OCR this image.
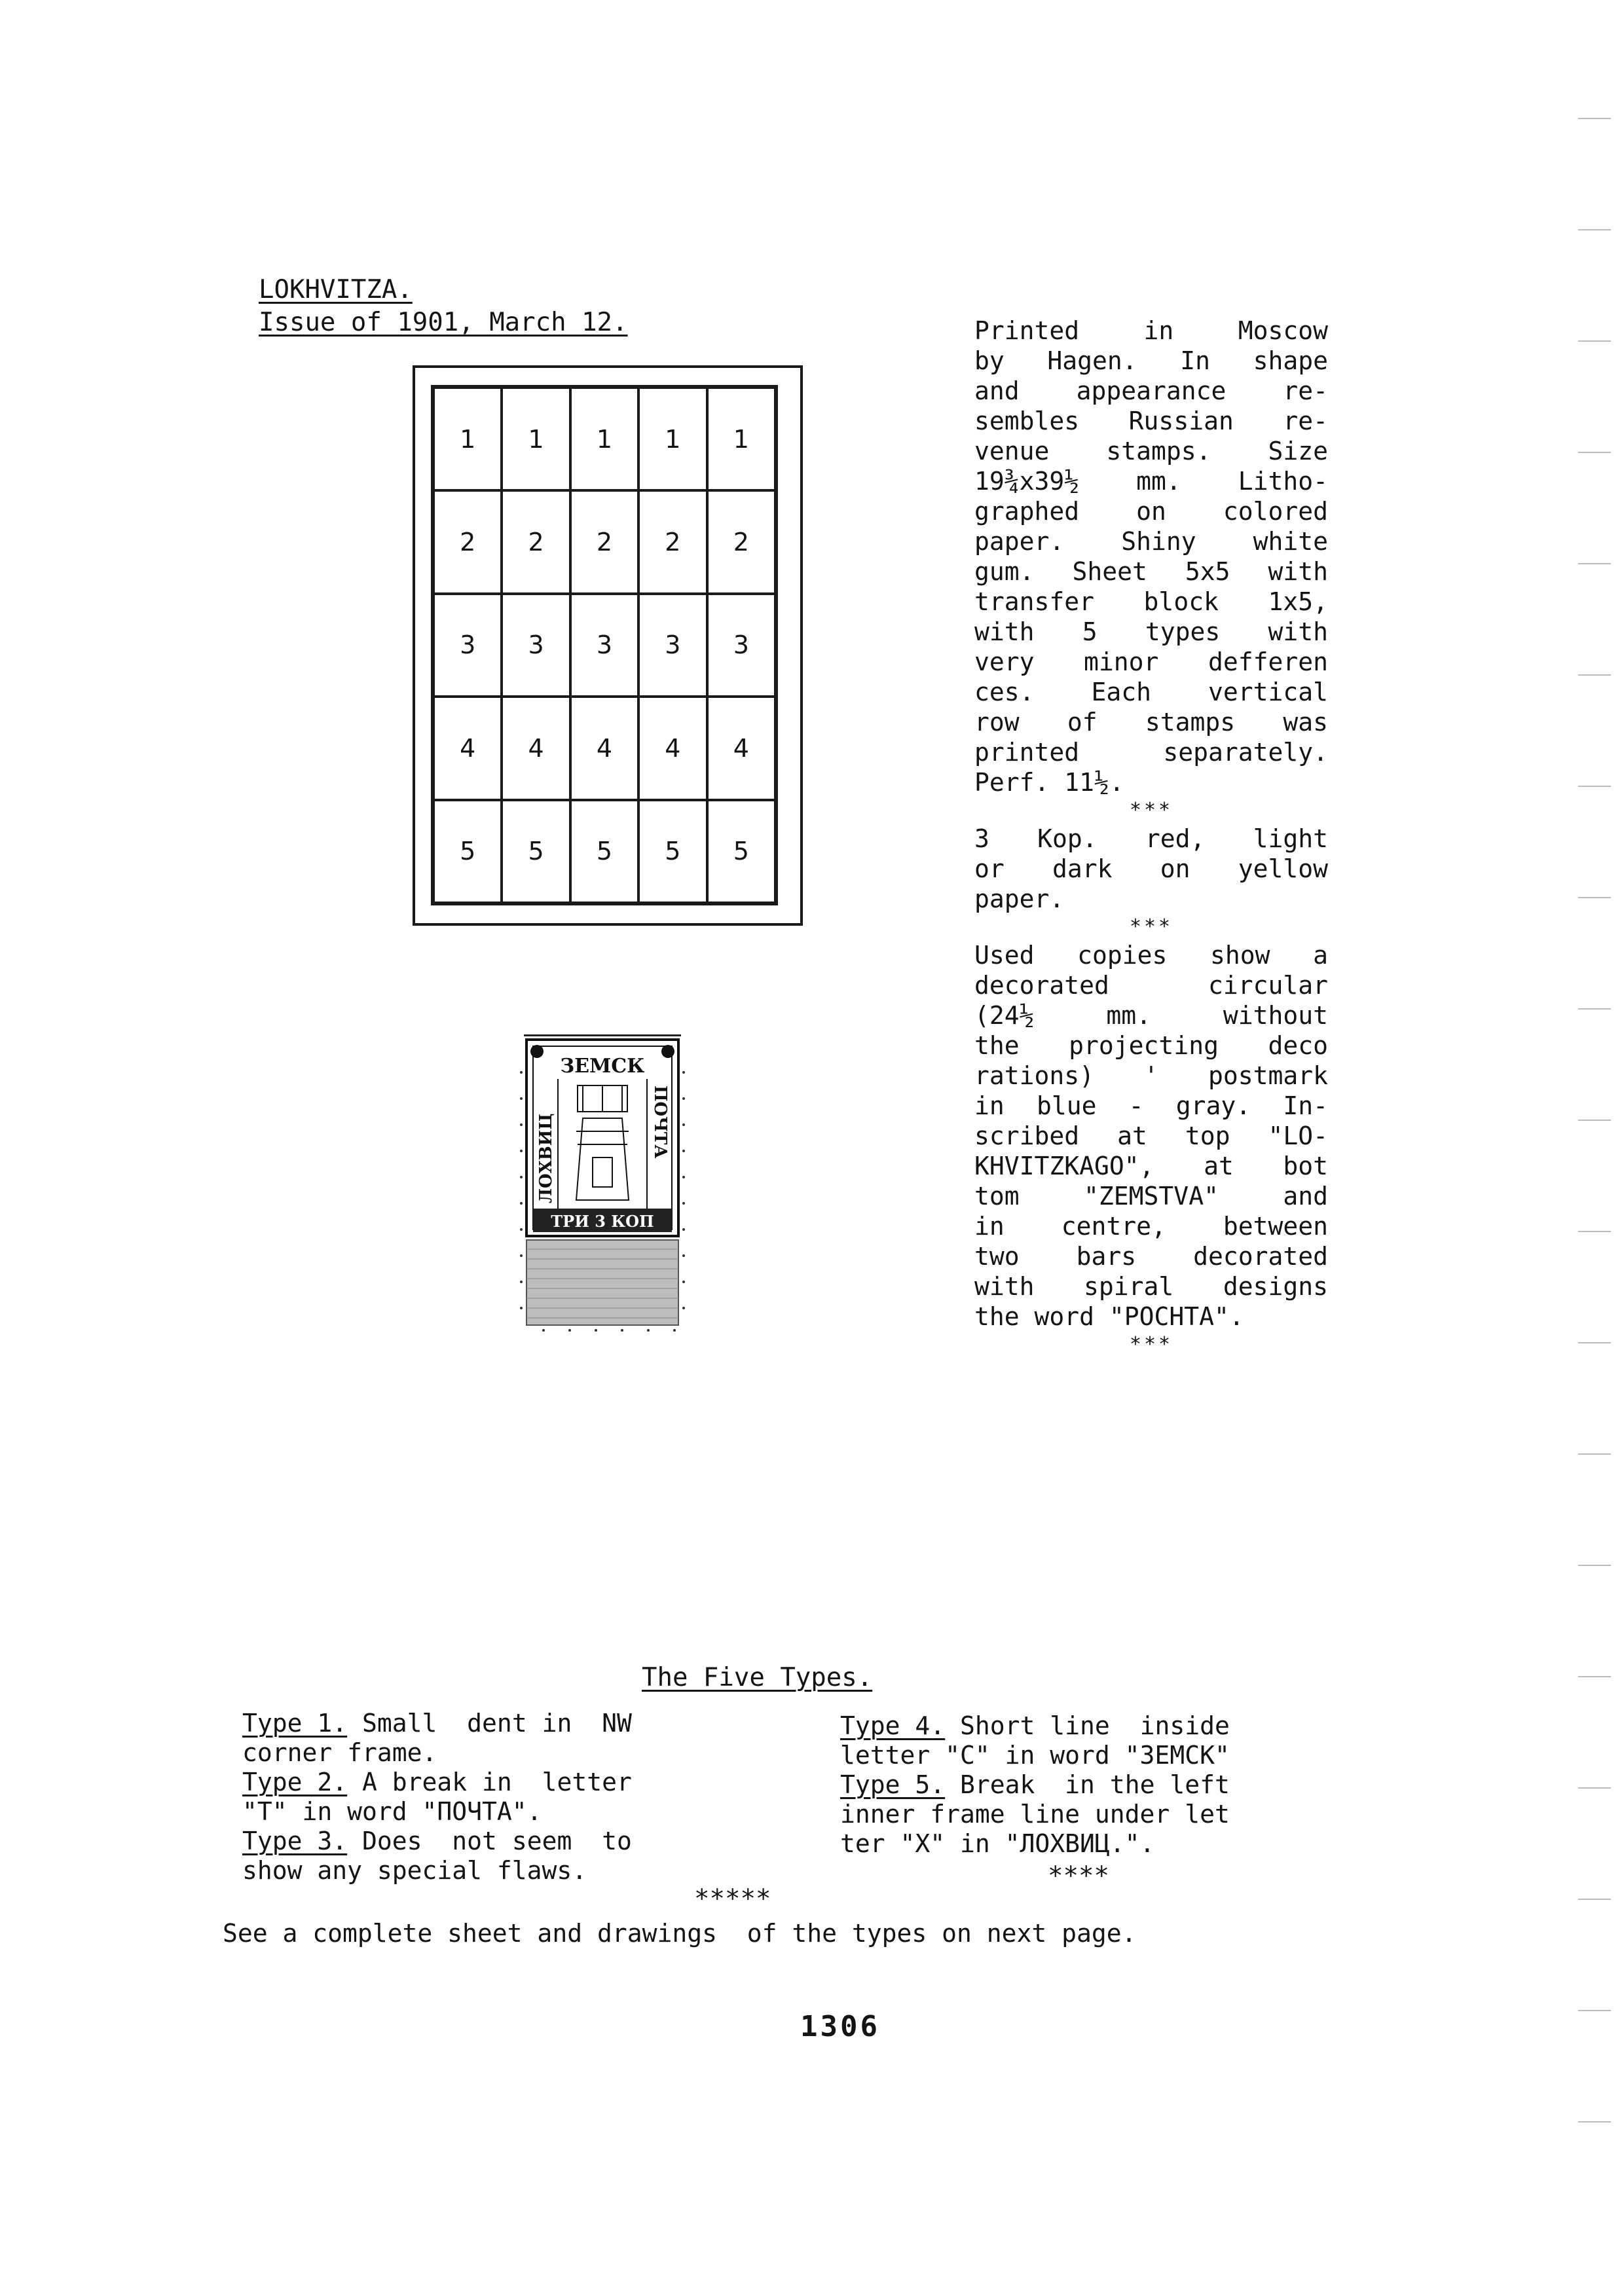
LOKHVITZA.
Issue of 1901, March 12.
1	1	1	1	1
2	2	2	2	2
3	3	3	3	3
4	4	4	4	4
5	5	5	5	5
Printed in Moscow
by Hagen. In shape
and appearance re-
sembles Russian re-
venue stamps. Size
19¾x39½ mm. Litho-
graphed on colored
paper. Shiny white
gum. Sheet 5x5 with
transfer block 1x5,
with 5 types with
very minor defferen
ces. Each vertical
row of stamps was
printed separately.
Perf. 11½.
***
3 Kop. red, light
or dark on yellow
paper.
***
Used copies show a
decorated circular
(24½ mm. without
the projecting deco
rations) ' postmark
in blue - gray. In-
scribed at top "LO-
KHVITZKAGO", at bot
tom "ZEMSTVA" and
in centre, between
two bars decorated
with spiral designs
the word "POCHTA".
***
ЗЕМСК
ЛОХВИЦ	ПОЧТА
ТРИ 3 КОП
The Five Types.
Type 1. Small  dent in  NW
corner frame.
Type 2. A break in  letter
"T" in word "ПОЧТА".
Type 3. Does  not seem  to
show any special flaws.
Type 4. Short line  inside
letter "C" in word "ЗЕМСК"
Type 5. Break  in the left
inner frame line under let
ter "X" in "ЛОХВИЦ.".
****
*****
See a complete sheet and drawings  of the types on next page.
1306
